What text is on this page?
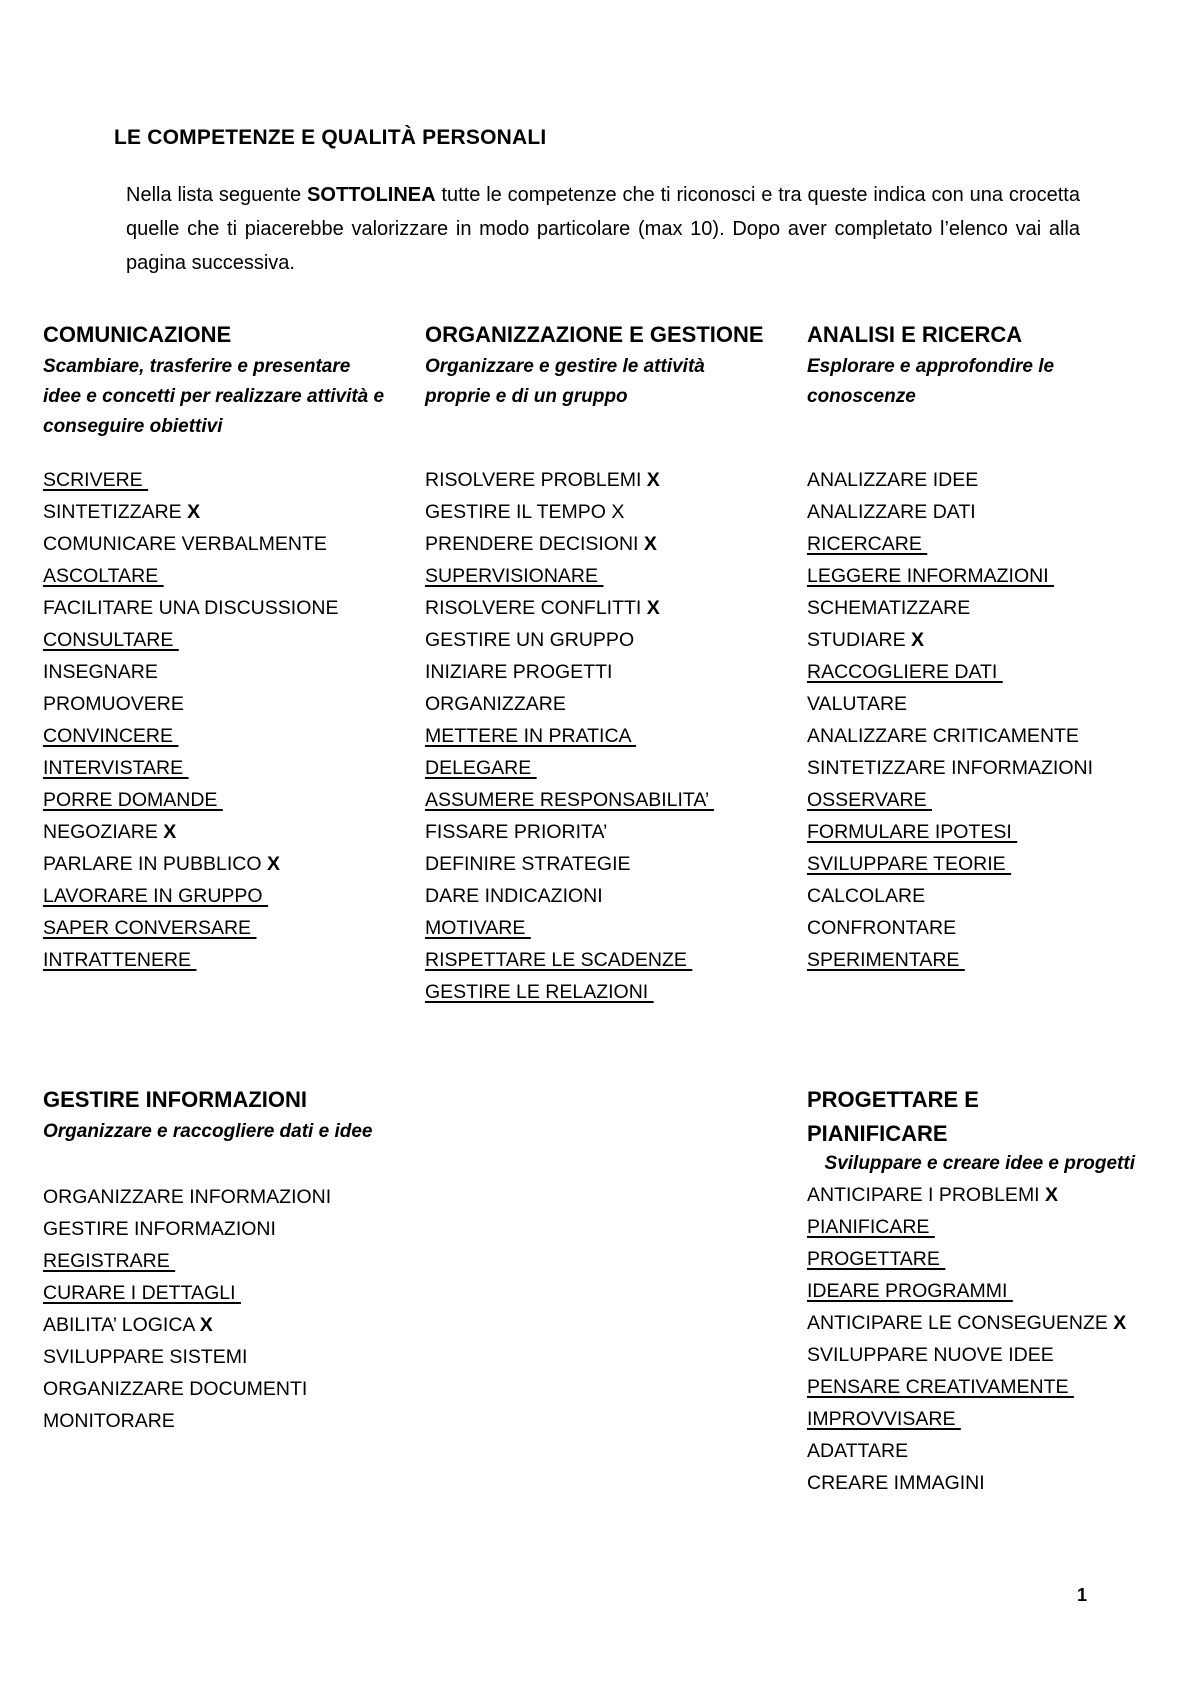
LE COMPETENZE E QUALITÀ PERSONALI
Nella lista seguente SOTTOLINEA tutte le competenze che ti riconosci e tra queste indica con una crocetta quelle che ti piacerebbe valorizzare in modo particolare (max 10). Dopo aver completato l’elenco vai alla pagina successiva.
COMUNICAZIONE
Scambiare, trasferire e presentare idee e concetti per realizzare attività e conseguire obiettivi
SCRIVERE
SINTETIZZARE X
COMUNICARE VERBALMENTE
ASCOLTARE
FACILITARE UNA DISCUSSIONE
CONSULTARE
INSEGNARE
PROMUOVERE
CONVINCERE
INTERVISTARE
PORRE DOMANDE
NEGOZIARE X
PARLARE IN PUBBLICO X
LAVORARE IN GRUPPO
SAPER CONVERSARE
INTRATTENERE
ORGANIZZAZIONE E GESTIONE
Organizzare e gestire le attività proprie e di un gruppo
RISOLVERE PROBLEMI X
GESTIRE IL TEMPO X
PRENDERE DECISIONI X
SUPERVISIONARE
RISOLVERE CONFLITTI X
GESTIRE UN GRUPPO
INIZIARE PROGETTI
ORGANIZZARE
METTERE IN PRATICA
DELEGARE
ASSUMERE RESPONSABILITA’
FISSARE PRIORITA’
DEFINIRE STRATEGIE
DARE INDICAZIONI
MOTIVARE
RISPETTARE LE SCADENZE
GESTIRE LE RELAZIONI
ANALISI E RICERCA
Esplorare e approfondire le conoscenze
ANALIZZARE IDEE
ANALIZZARE DATI
RICERCARE
LEGGERE INFORMAZIONI
SCHEMATIZZARE
STUDIARE X
RACCOGLIERE DATI
VALUTARE
ANALIZZARE CRITICAMENTE
SINTETIZZARE INFORMAZIONI
OSSERVARE
FORMULARE IPOTESI
SVILUPPARE TEORIE
CALCOLARE
CONFRONTARE
SPERIMENTARE
GESTIRE INFORMAZIONI
Organizzare e raccogliere dati e idee
ORGANIZZARE INFORMAZIONI
GESTIRE INFORMAZIONI
REGISTRARE
CURARE I DETTAGLI
ABILITA’ LOGICA X
SVILUPPARE SISTEMI
ORGANIZZARE DOCUMENTI
MONITORARE
PROGETTARE E PIANIFICARE
Sviluppare e creare idee e progetti
ANTICIPARE I PROBLEMI X
PIANIFICARE
PROGETTARE
IDEARE PROGRAMMI
ANTICIPARE LE CONSEGUENZE X
SVILUPPARE NUOVE IDEE
PENSARE CREATIVAMENTE
IMPROVVISARE
ADATTARE
CREARE IMMAGINI
1
